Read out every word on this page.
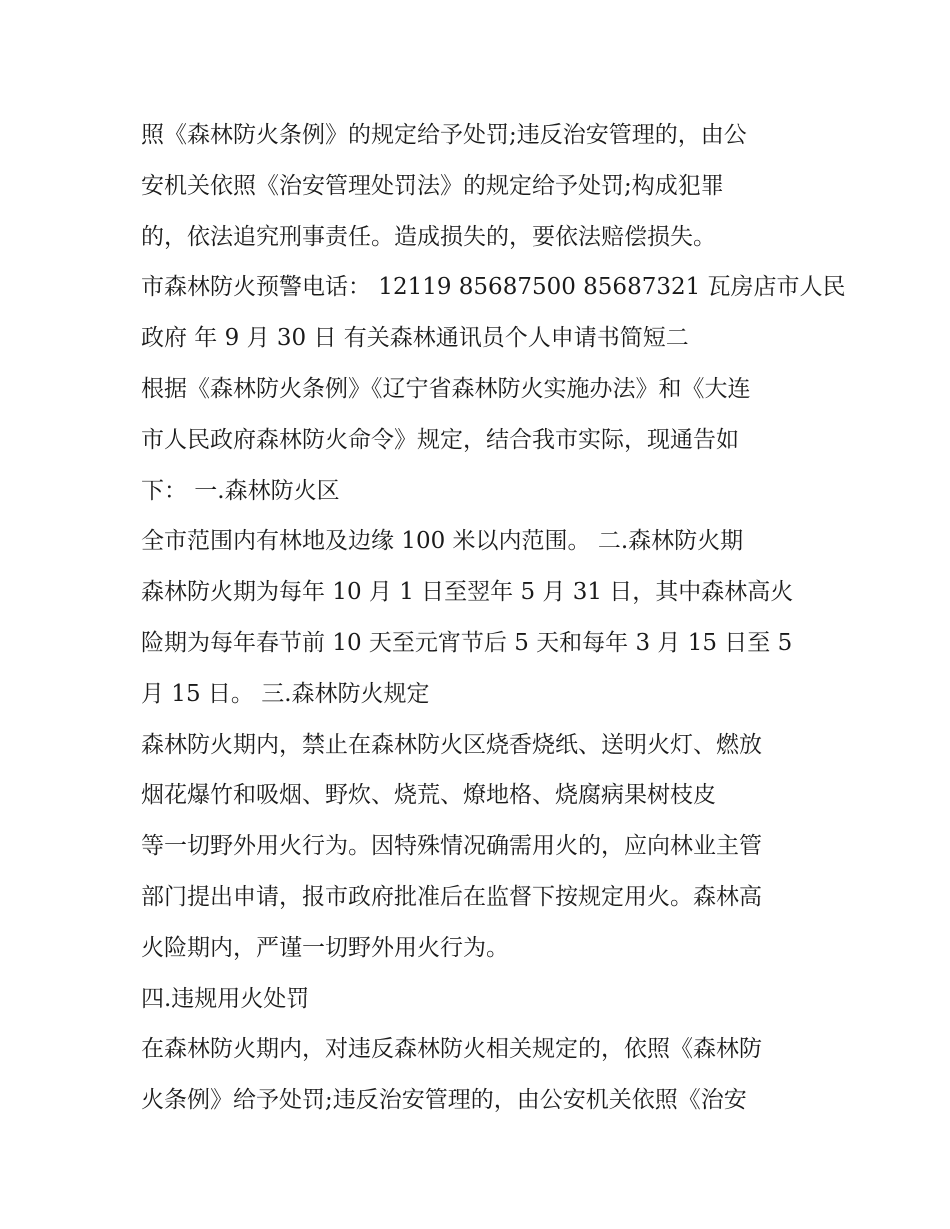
照《森林防火条例》的规定给予处罚;违反治安管理的，由公
安机关依照《治安管理处罚法》的规定给予处罚;构成犯罪
的，依法追究刑事责任。造成损失的，要依法赔偿损失。
市森林防火预警电话： 12119 85687500 85687321 瓦房店市人民
政府 年 9 月 30 日 有关森林通讯员个人申请书简短二
根据《森林防火条例》《辽宁省森林防火实施办法》和《大连
市人民政府森林防火命令》规定，结合我市实际，现通告如
下： 一.森林防火区
全市范围内有林地及边缘 100 米以内范围。 二.森林防火期
森林防火期为每年 10 月 1 日至翌年 5 月 31 日，其中森林高火
险期为每年春节前 10 天至元宵节后 5 天和每年 3 月 15 日至 5
月 15 日。 三.森林防火规定
森林防火期内，禁止在森林防火区烧香烧纸、送明火灯、燃放
烟花爆竹和吸烟、野炊、烧荒、燎地格、烧腐病果树枝皮
等一切野外用火行为。因特殊情况确需用火的，应向林业主管
部门提出申请，报市政府批准后在监督下按规定用火。森林高
火险期内，严谨一切野外用火行为。
四.违规用火处罚
在森林防火期内，对违反森林防火相关规定的，依照《森林防
火条例》给予处罚;违反治安管理的，由公安机关依照《治安
